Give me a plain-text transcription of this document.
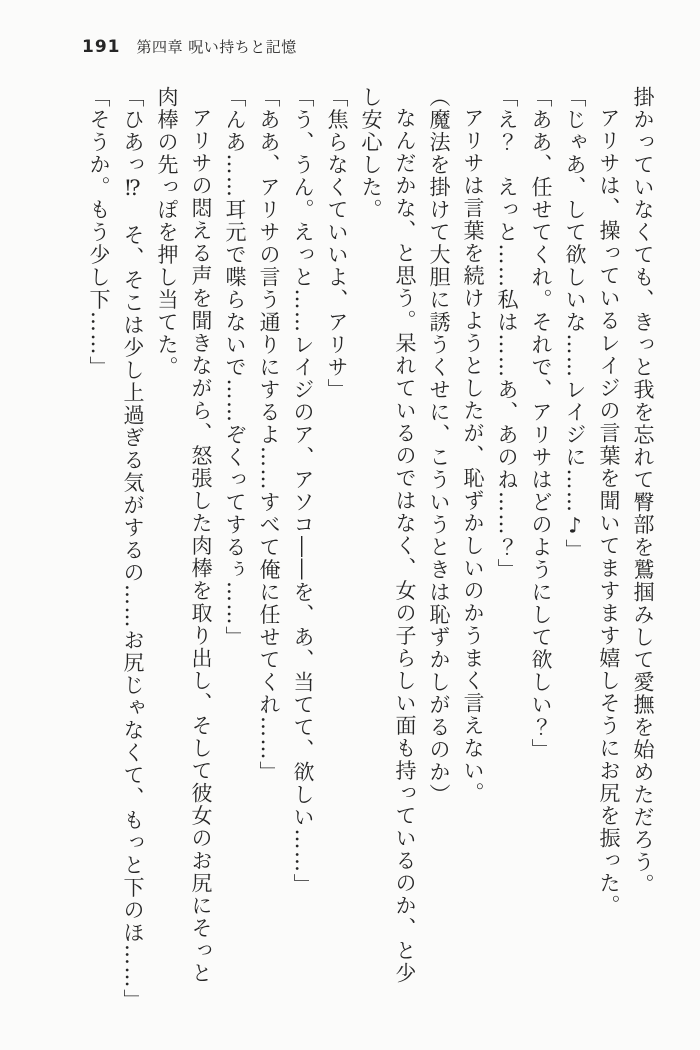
191 第四章 呪い持ちと記憶

掛かっていなくても、きっと我を忘れて臀部を鷲掴みして愛撫を始めただろう。

アリサは、操っているレイジの言葉を聞いてますます嬉しそうにお尻を振った。

「じゃあ、して欲しいな……レイジに……♪」

「ああ、任せてくれ。それで、アリサはどのようにして欲しい？」

「え？　えっと……私は……あ、あのね……？」

アリサは言葉を続けようとしたが、恥ずかしいのかうまく言えない。

（魔法を掛けて大胆に誘うくせに、こういうときは恥ずかしがるのか）

なんだかな、と思う。呆れているのではなく、女の子らしい面も持っているのか、と少

し安心した。

「焦らなくていいよ、アリサ」

「う、うん。えっと……レイジのア、アソコ――を、あ、当てて、欲しい……」

「ああ、アリサの言う通りにするよ……すべて俺に任せてくれ……」

「んあ……耳元で喋らないで……ぞくってするぅ……」

アリサの悶える声を聞きながら、怒張した肉棒を取り出し、そして彼女のお尻にそっと

肉棒の先っぽを押し当てた。

「ひあっ⁉　そ、そこは少し上過ぎる気がするの……お尻じゃなくて、もっと下のほ……」

「そうか。もう少し下……」
